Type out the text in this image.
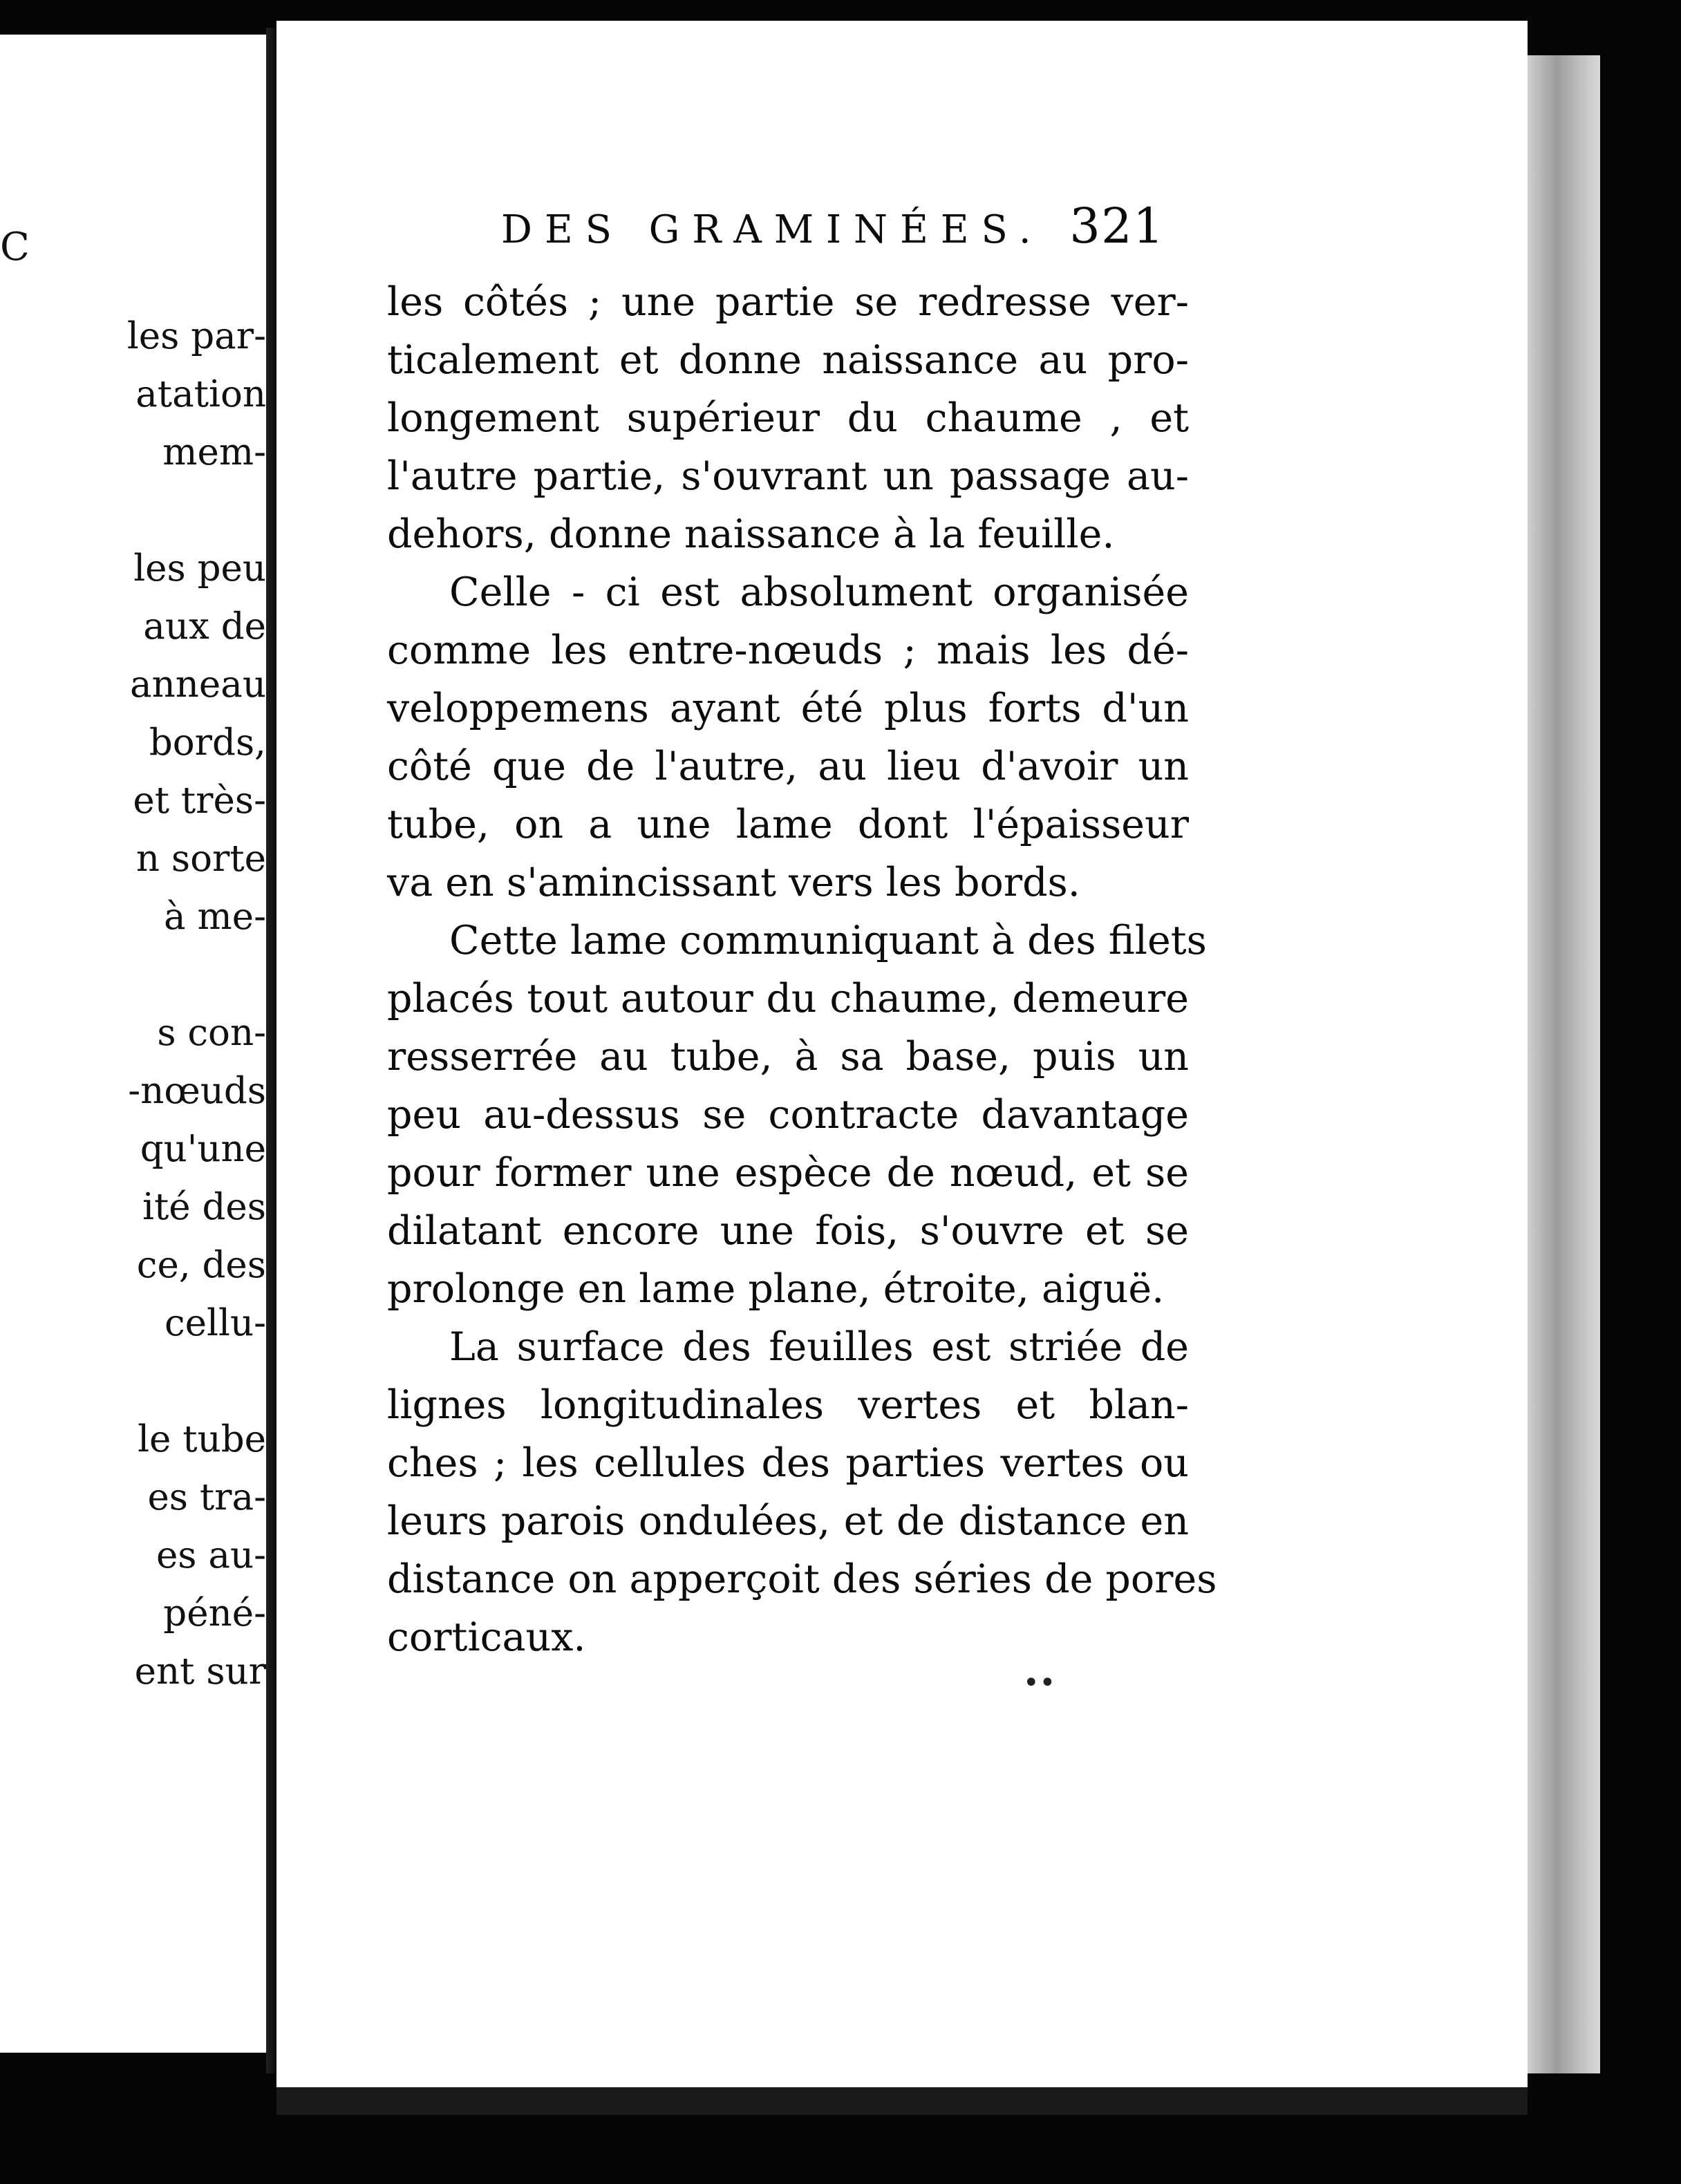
C
les par-
atation
mem-
les peu
aux de
anneau
bords,
et très-
n sorte
à me-
s con-
-nœuds
qu'une
ité des
ce, des
cellu-
le tube
es tra-
es au-
péné-
ent sur
DES GRAMINÉES. 321
les côtés ; une partie se redresse ver-
ticalement et donne naissance au pro-
longement supérieur du chaume , et
l'autre partie, s'ouvrant un passage au-
dehors, donne naissance à la feuille.
Celle - ci est absolument organisée
comme les entre-nœuds ; mais les dé-
veloppemens ayant été plus forts d'un
côté que de l'autre, au lieu d'avoir un
tube, on a une lame dont l'épaisseur
va en s'amincissant vers les bords.
Cette lame communiquant à des filets
placés tout autour du chaume, demeure
resserrée au tube, à sa base, puis un
peu au-dessus se contracte davantage
pour former une espèce de nœud, et se
dilatant encore une fois, s'ouvre et se
prolonge en lame plane, étroite, aiguë.
La surface des feuilles est striée de
lignes longitudinales vertes et blan-
ches ; les cellules des parties vertes ou
leurs parois ondulées, et de distance en
distance on apperçoit des séries de pores
corticaux.
••
